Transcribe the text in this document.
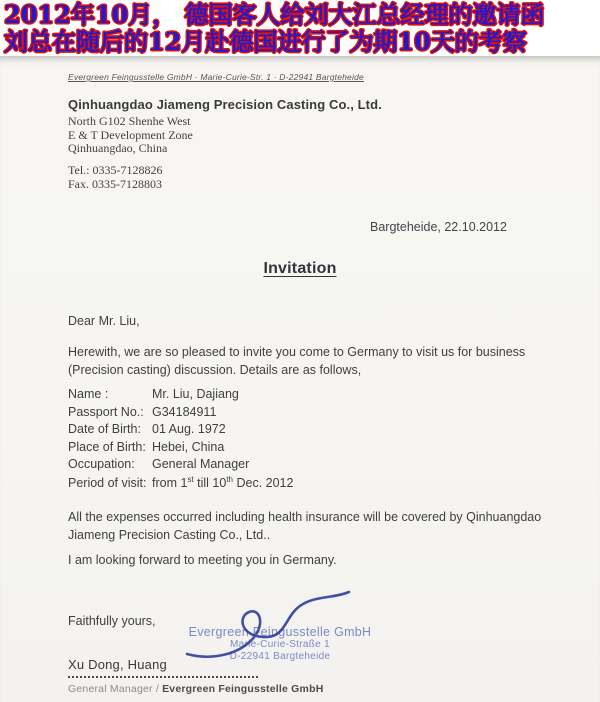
2012年10月， 德国客人给刘大江总经理的邀请函
刘总在随后的12月赴德国进行了为期10天的考察
Evergreen Feingusstelle GmbH · Marie-Curie-Str. 1 · D-22941 Bargteheide
Qinhuangdao Jiameng Precision Casting Co., Ltd.
North G102 Shenhe West
E & T Development Zone
Qinhuangdao, China
Tel.: 0335-7128826
Fax. 0335-7128803
Bargteheide, 22.10.2012
Invitation
Dear Mr. Liu,
Herewith, we are so pleased to invite you come to Germany to visit us for business (Precision casting) discussion. Details are as follows,
Name :	Mr. Liu, Dajiang
Passport No.: G34184911
Date of Birth: 01 Aug. 1972
Place of Birth: Hebei, China
Occupation:	General Manager
Period of visit: from 1st till 10th Dec. 2012
All the expenses occurred including health insurance will be covered by Qinhuangdao Jiameng Precision Casting Co., Ltd..
I am looking forward to meeting you in Germany.
Faithfully yours,
Evergreen Feingusstelle GmbH
Marie-Curie-Straße 1
D-22941 Bargteheide
Xu Dong, Huang
General Manager / Evergreen Feingusstelle GmbH
